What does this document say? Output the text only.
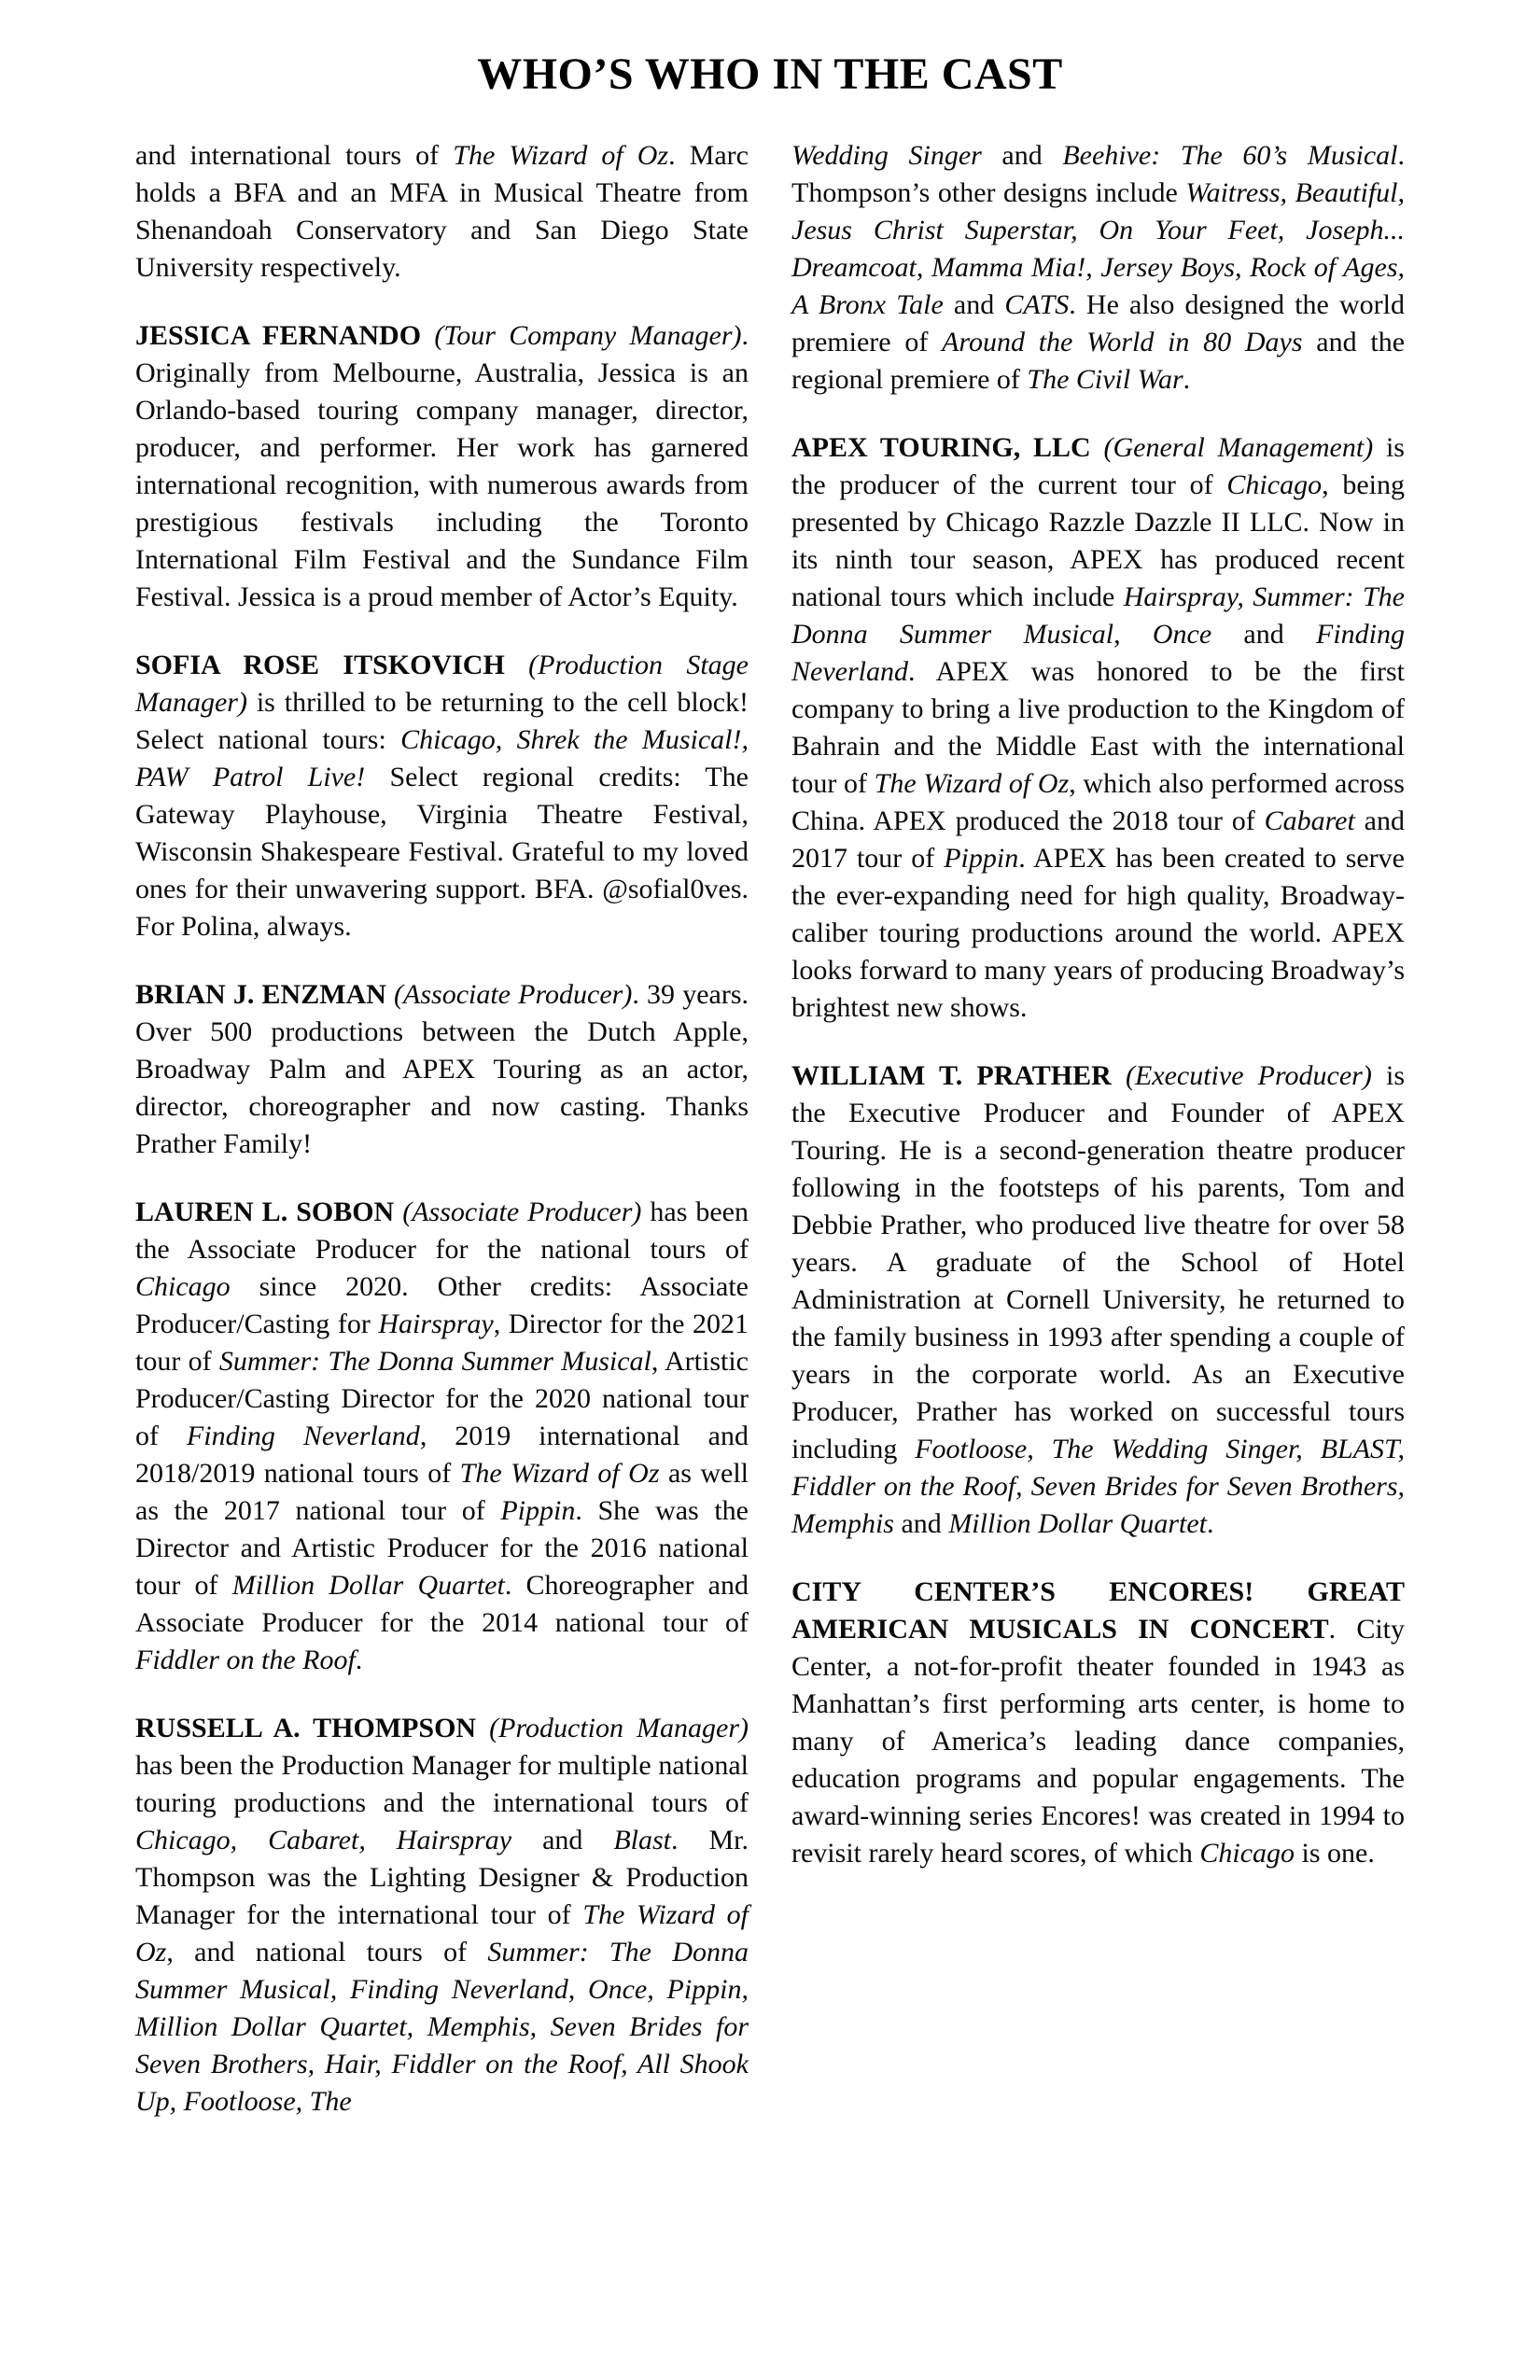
WHO’S WHO IN THE CAST

and international tours of The Wizard of Oz. Marc holds a BFA and an MFA in Musical Theatre from Shenandoah Conservatory and San Diego State University respectively.

JESSICA FERNANDO (Tour Company Manager). Originally from Melbourne, Australia, Jessica is an Orlando-based touring company manager, director, producer, and performer. Her work has garnered international recognition, with numerous awards from prestigious festivals including the Toronto International Film Festival and the Sundance Film Festival. Jessica is a proud member of Actor’s Equity.

SOFIA ROSE ITSKOVICH (Production Stage Manager) is thrilled to be returning to the cell block! Select national tours: Chicago, Shrek the Musical!, PAW Patrol Live! Select regional credits: The Gateway Playhouse, Virginia Theatre Festival, Wisconsin Shakespeare Festival. Grateful to my loved ones for their unwavering support. BFA. @sofial0ves. For Polina, always.

BRIAN J. ENZMAN (Associate Producer). 39 years. Over 500 productions between the Dutch Apple, Broadway Palm and APEX Touring as an actor, director, choreographer and now casting. Thanks Prather Family!

LAUREN L. SOBON (Associate Producer) has been the Associate Producer for the national tours of Chicago since 2020. Other credits: Associate Producer/Casting for Hairspray, Director for the 2021 tour of Summer: The Donna Summer Musical, Artistic Producer/Casting Director for the 2020 national tour of Finding Neverland, 2019 international and 2018/2019 national tours of The Wizard of Oz as well as the 2017 national tour of Pippin. She was the Director and Artistic Producer for the 2016 national tour of Million Dollar Quartet. Choreographer and Associate Producer for the 2014 national tour of Fiddler on the Roof.

RUSSELL A. THOMPSON (Production Manager) has been the Production Manager for multiple national touring productions and the international tours of Chicago, Cabaret, Hairspray and Blast. Mr. Thompson was the Lighting Designer & Production Manager for the international tour of The Wizard of Oz, and national tours of Summer: The Donna Summer Musical, Finding Neverland, Once, Pippin, Million Dollar Quartet, Memphis, Seven Brides for Seven Brothers, Hair, Fiddler on the Roof, All Shook Up, Footloose, The

Wedding Singer and Beehive: The 60’s Musical. Thompson’s other designs include Waitress, Beautiful, Jesus Christ Superstar, On Your Feet, Joseph... Dreamcoat, Mamma Mia!, Jersey Boys, Rock of Ages, A Bronx Tale and CATS. He also designed the world premiere of Around the World in 80 Days and the regional premiere of The Civil War.

APEX TOURING, LLC (General Management) is the producer of the current tour of Chicago, being presented by Chicago Razzle Dazzle II LLC. Now in its ninth tour season, APEX has produced recent national tours which include Hairspray, Summer: The Donna Summer Musical, Once and Finding Neverland. APEX was honored to be the first company to bring a live production to the Kingdom of Bahrain and the Middle East with the international tour of The Wizard of Oz, which also performed across China. APEX produced the 2018 tour of Cabaret and 2017 tour of Pippin. APEX has been created to serve the ever-expanding need for high quality, Broadway-caliber touring productions around the world. APEX looks forward to many years of producing Broadway’s brightest new shows.

WILLIAM T. PRATHER (Executive Producer) is the Executive Producer and Founder of APEX Touring. He is a second-generation theatre producer following in the footsteps of his parents, Tom and Debbie Prather, who produced live theatre for over 58 years. A graduate of the School of Hotel Administration at Cornell University, he returned to the family business in 1993 after spending a couple of years in the corporate world. As an Executive Producer, Prather has worked on successful tours including Footloose, The Wedding Singer, BLAST, Fiddler on the Roof, Seven Brides for Seven Brothers, Memphis and Million Dollar Quartet.

CITY CENTER’S ENCORES! GREAT AMERICAN MUSICALS IN CONCERT. City Center, a not-for-profit theater founded in 1943 as Manhattan’s first performing arts center, is home to many of America’s leading dance companies, education programs and popular engagements. The award-winning series Encores! was created in 1994 to revisit rarely heard scores, of which Chicago is one.
